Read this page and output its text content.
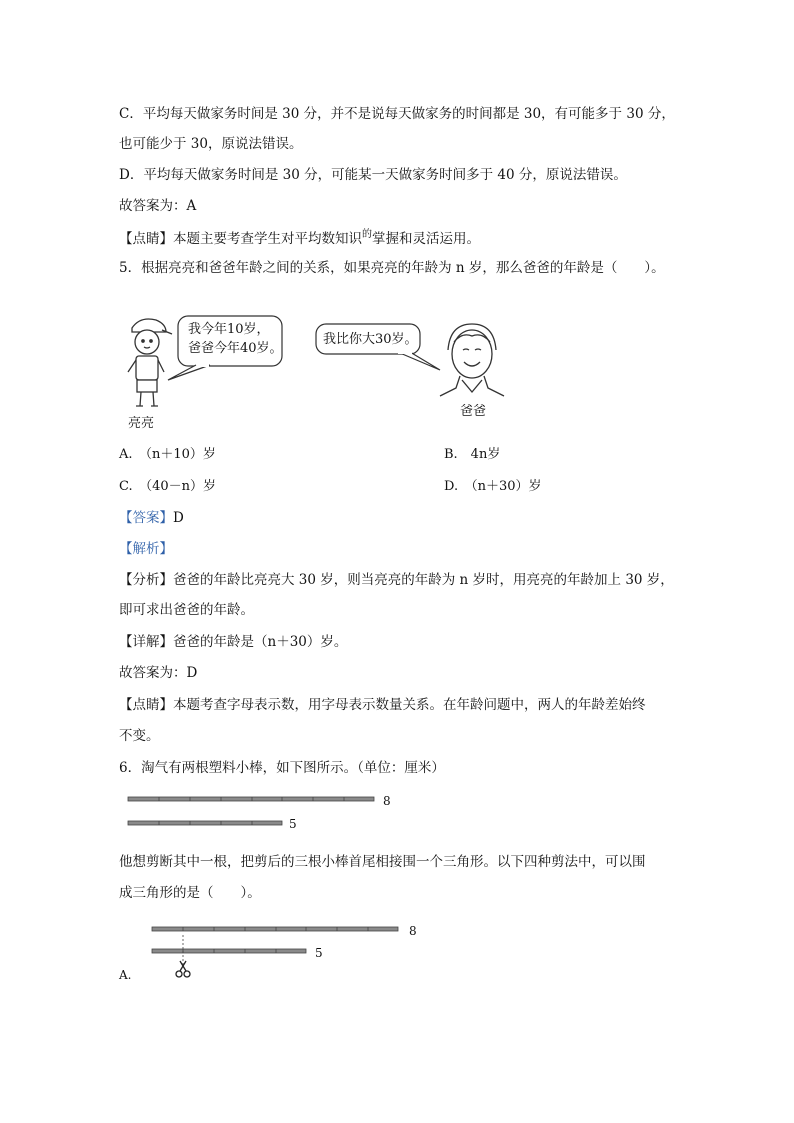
C．平均每天做家务时间是 30 分，并不是说每天做家务的时间都是 30，有可能多于 30 分，
也可能少于 30，原说法错误。
D．平均每天做家务时间是 30 分，可能某一天做家务时间多于 40 分，原说法错误。
故答案为：A
【点睛】本题主要考查学生对平均数知识$^的$掌握和灵活运用。
5．根据亮亮和爸爸年龄之间的关系，如果亮亮的年龄为 n 岁，那么爸爸的年龄是（　　）。
我今年10岁，
爸爸今年40岁。
我比你大30岁。
亮亮
爸爸
A.　（n＋10）岁	B.　4n岁
C.　（40－n）岁	D.　（n＋30）岁
【答案】D
【解析】
【分析】爸爸的年龄比亮亮大 30 岁，则当亮亮的年龄为 n 岁时，用亮亮的年龄加上 30 岁，
即可求出爸爸的年龄。
【详解】爸爸的年龄是（n＋30）岁。
故答案为：D
【点睛】本题考查字母表示数，用字母表示数量关系。在年龄问题中，两人的年龄差始终
不变。
6．淘气有两根塑料小棒，如下图所示。（单位：厘米）
8
5
他想剪断其中一根，把剪后的三根小棒首尾相接围一个三角形。以下四种剪法中，可以围
成三角形的是（　　）。
8
5
A.
